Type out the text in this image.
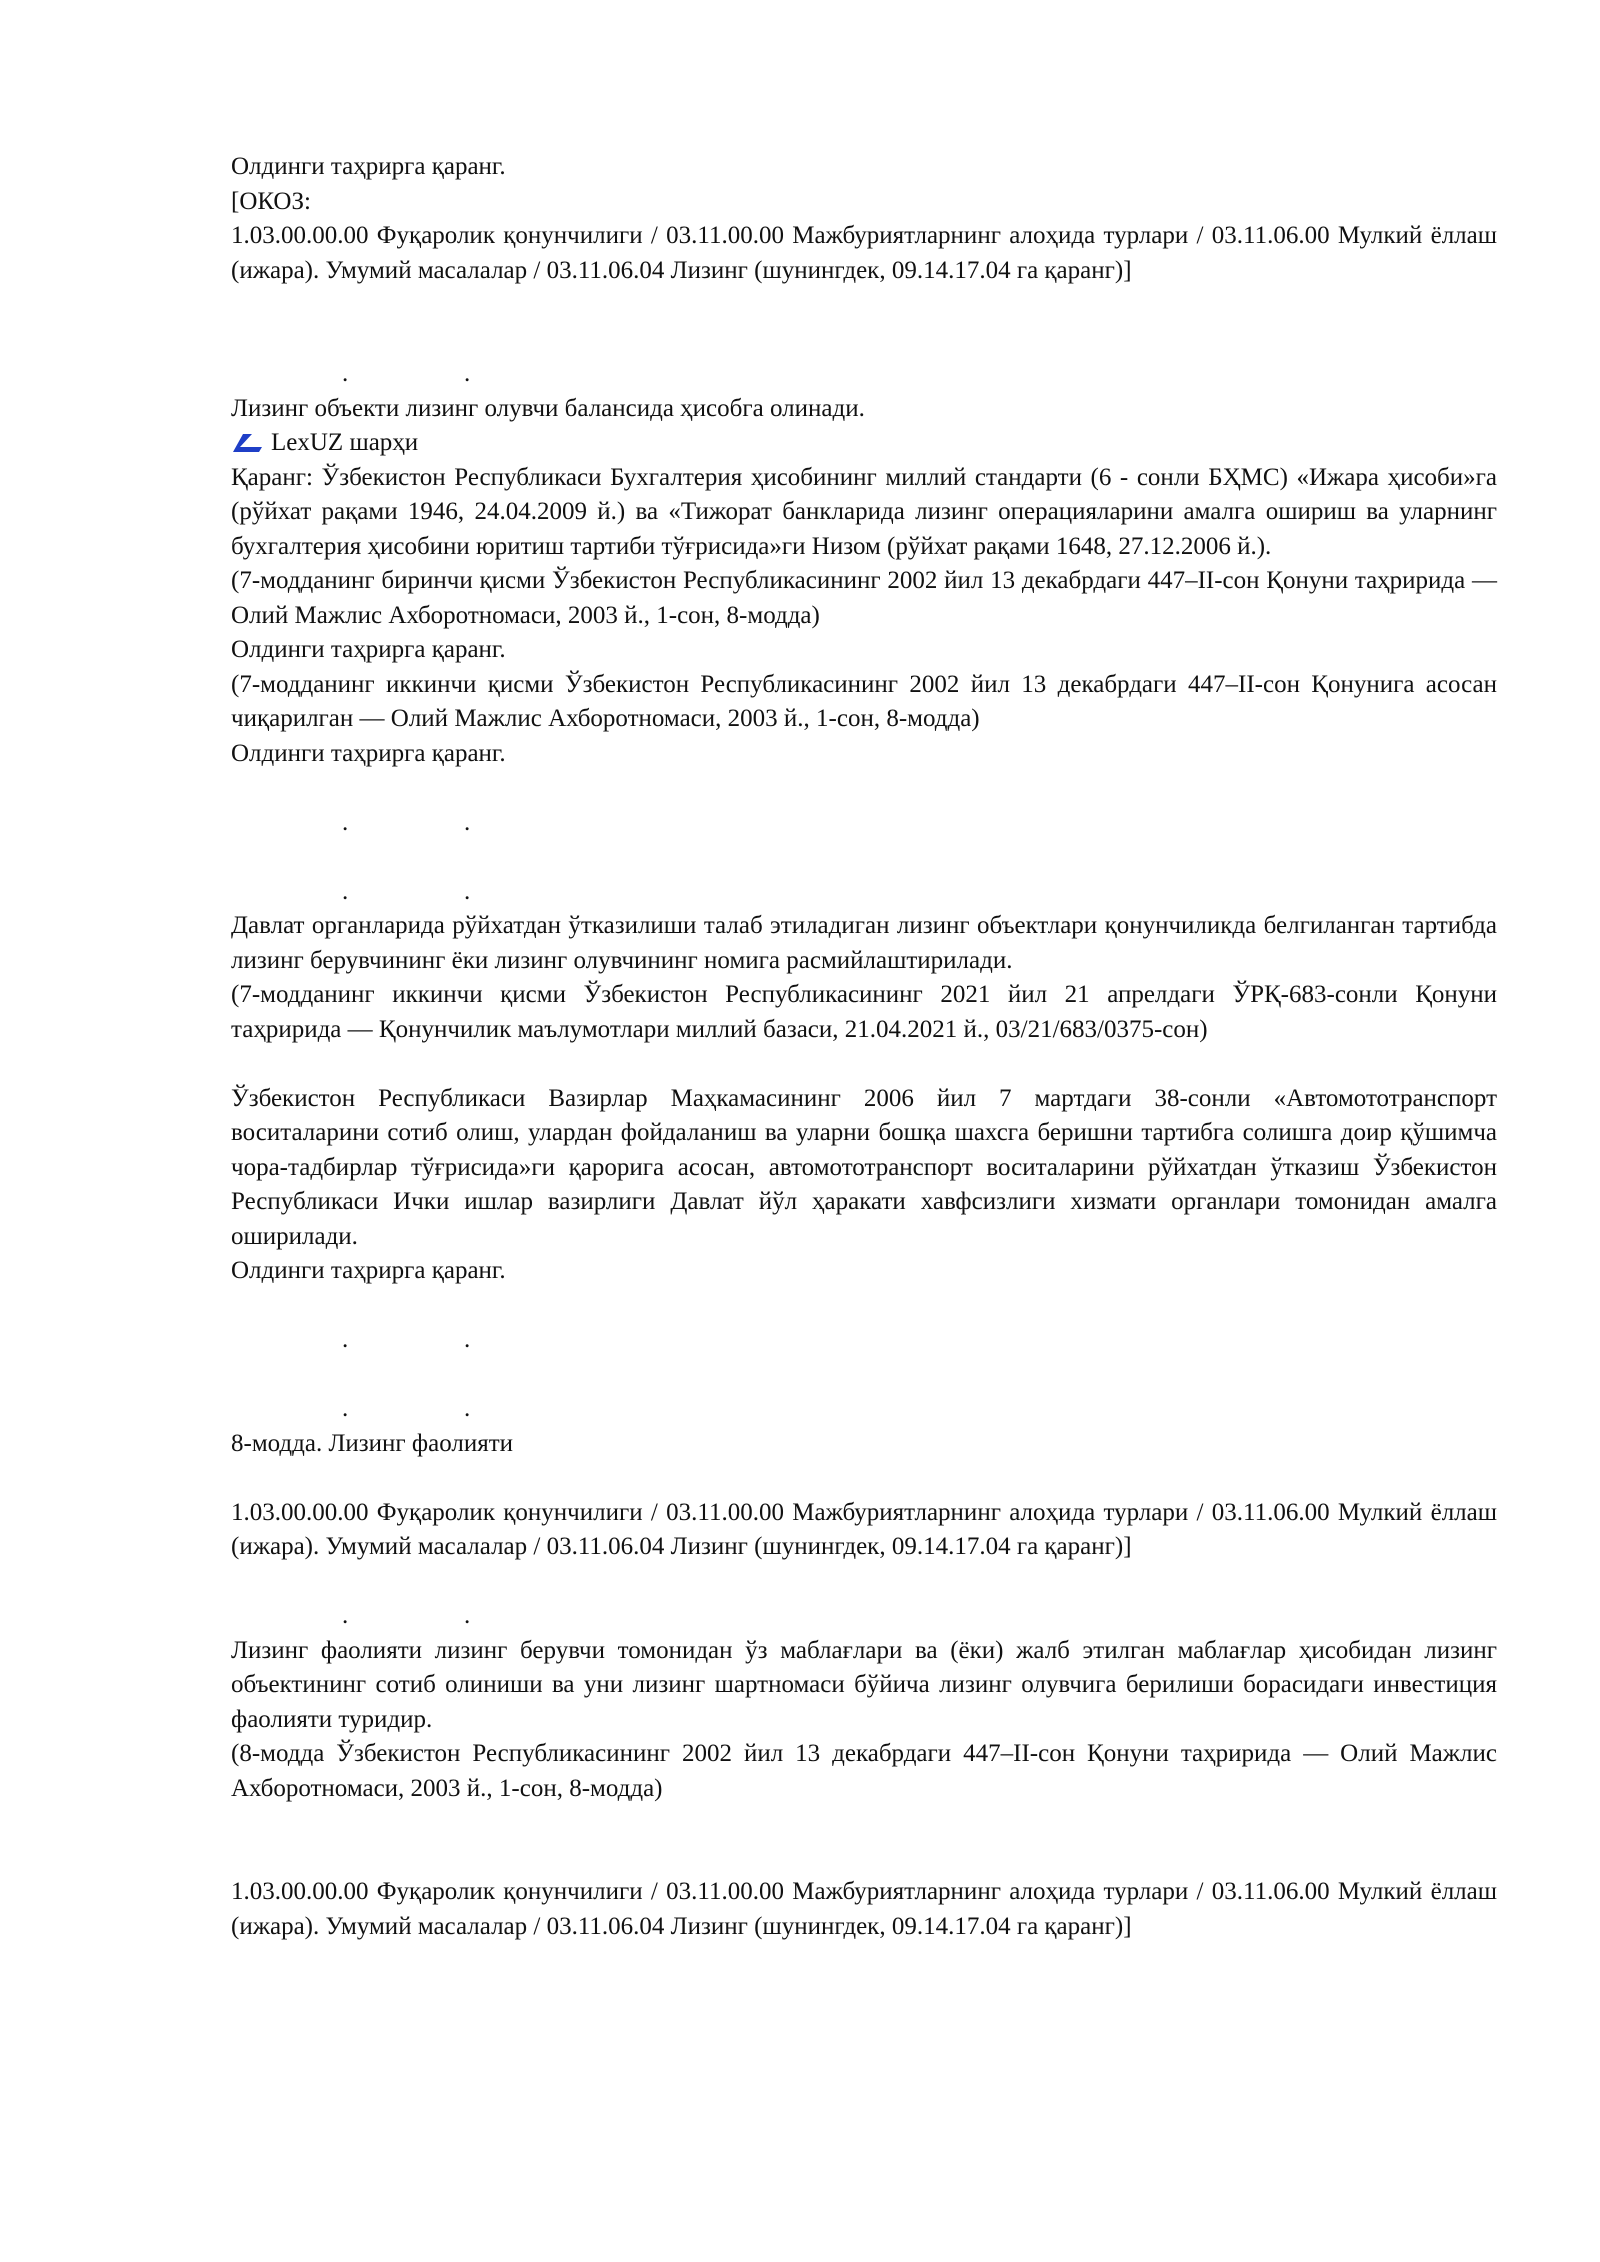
Олдинги таҳрирга қаранг.

[ОКОЗ:

1.03.00.00.00 Фуқаролик қонунчилиги / 03.11.00.00 Мажбуриятларнинг алоҳида турлари / 03.11.06.00 Мулкий ёллаш (ижара). Умумий масалалар / 03.11.06.04 Лизинг (шунингдек, 09.14.17.04 га қаранг)]

.	.

Лизинг объекти лизинг олувчи балансида ҳисобга олинади.

LexUZ шарҳи

Қаранг: Ўзбекистон Республикаси Бухгалтерия ҳисобининг миллий стандарти (6 - сонли БҲМС) «Ижара ҳисоби»га (рўйхат рақами 1946, 24.04.2009 й.) ва «Тижорат банкларида лизинг операцияларини амалга ошириш ва уларнинг бухгалтерия ҳисобини юритиш тартиби тўғрисида»ги Низом (рўйхат рақами 1648, 27.12.2006 й.).

(7-модданинг биринчи қисми Ўзбекистон Республикасининг 2002 йил 13 декабрдаги 447–II-сон Қонуни таҳририда — Олий Мажлис Ахборотномаси, 2003 й., 1-сон, 8-модда)

Олдинги таҳрирга қаранг.

(7-модданинг иккинчи қисми Ўзбекистон Республикасининг 2002 йил 13 декабрдаги 447–II-сон Қонунига асосан чиқарилган — Олий Мажлис Ахборотномаси, 2003 й., 1-сон, 8-модда)

Олдинги таҳрирга қаранг.

.	.
.	.

Давлат органларида рўйхатдан ўтказилиши талаб этиладиган лизинг объектлари қонунчиликда белгиланган тартибда лизинг берувчининг ёки лизинг олувчининг номига расмийлаштирилади.

(7-модданинг иккинчи қисми Ўзбекистон Республикасининг 2021 йил 21 апрелдаги ЎРҚ-683-сонли Қонуни таҳририда — Қонунчилик маълумотлари миллий базаси, 21.04.2021 й., 03/21/683/0375-сон)

Ўзбекистон Республикаси Вазирлар Маҳкамасининг 2006 йил 7 мартдаги 38-сонли «Автомототранспорт воситаларини сотиб олиш, улардан фойдаланиш ва уларни бошқа шахсга беришни тартибга солишга доир қўшимча чора-тадбирлар тўғрисида»ги қарорига асосан, автомототранспорт воситаларини рўйхатдан ўтказиш Ўзбекистон Республикаси Ички ишлар вазирлиги Давлат йўл ҳаракати хавфсизлиги хизмати органлари томонидан амалга оширилади.

Олдинги таҳрирга қаранг.

.	.
.	.

8-модда. Лизинг фаолияти

1.03.00.00.00 Фуқаролик қонунчилиги / 03.11.00.00 Мажбуриятларнинг алоҳида турлари / 03.11.06.00 Мулкий ёллаш (ижара). Умумий масалалар / 03.11.06.04 Лизинг (шунингдек, 09.14.17.04 га қаранг)]

.	.

Лизинг фаолияти лизинг берувчи томонидан ўз маблағлари ва (ёки) жалб этилган маблағлар ҳисобидан лизинг объектининг сотиб олиниши ва уни лизинг шартномаси бўйича лизинг олувчига берилиши борасидаги инвестиция фаолияти туридир.

(8-модда Ўзбекистон Республикасининг 2002 йил 13 декабрдаги 447–II-сон Қонуни таҳририда — Олий Мажлис Ахборотномаси, 2003 й., 1-сон, 8-модда)

1.03.00.00.00 Фуқаролик қонунчилиги / 03.11.00.00 Мажбуриятларнинг алоҳида турлари / 03.11.06.00 Мулкий ёллаш (ижара). Умумий масалалар / 03.11.06.04 Лизинг (шунингдек, 09.14.17.04 га қаранг)]
